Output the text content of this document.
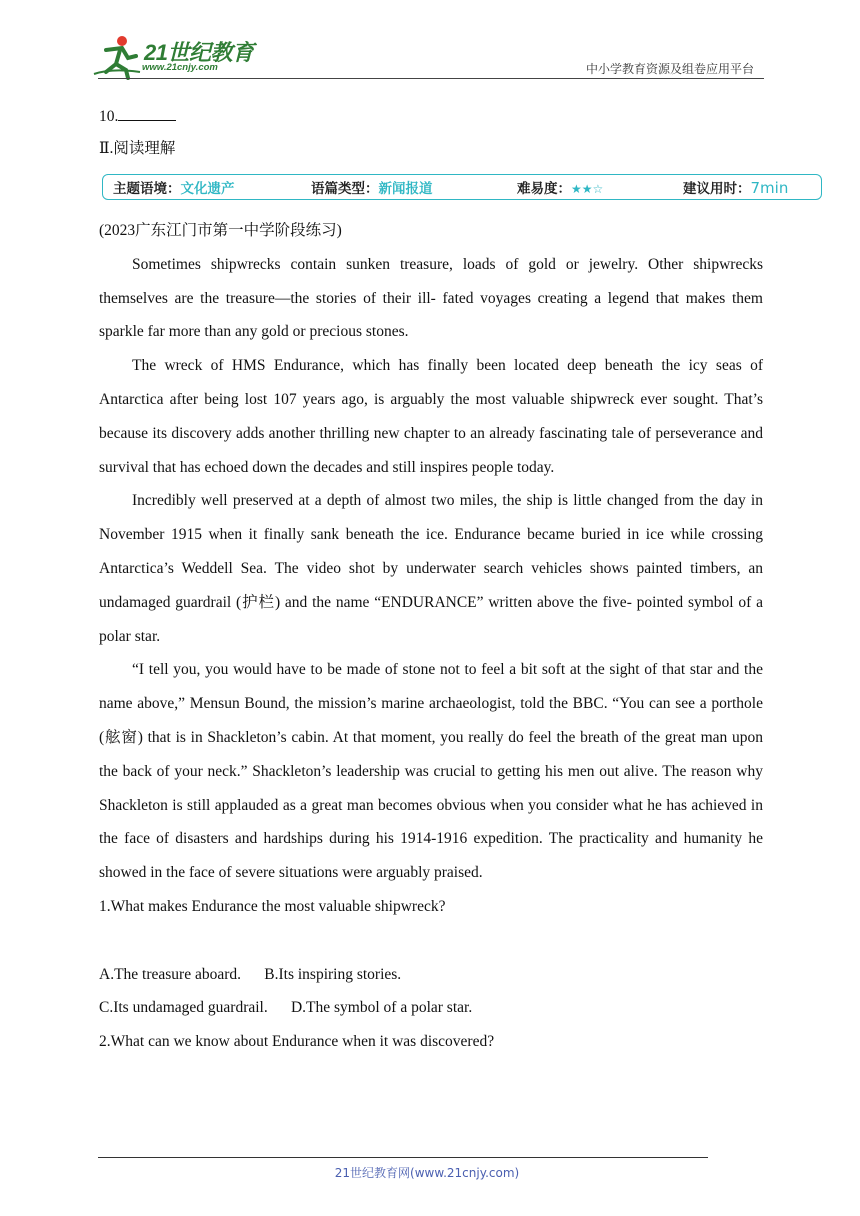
21世纪教育
www.21cnjy.com	中小学教育资源及组卷应用平台
10.
Ⅱ.阅读理解
主题语境：文化遗产	语篇类型：新闻报道	难易度：★★☆	建议用时：7min

(2023广东江门市第一中学阶段练习)

Sometimes shipwrecks contain sunken treasure, loads of gold or jewelry. Other shipwrecks themselves are the treasure—the stories of their ill‑ fated voyages creating a legend that makes them sparkle far more than any gold or precious stones.

The wreck of HMS Endurance, which has finally been located deep beneath the icy seas of Antarctica after being lost 107 years ago, is arguably the most valuable shipwreck ever sought. That’s because its discovery adds another thrilling new chapter to an already fascinating tale of perseverance and survival that has echoed down the decades and still inspires people today.

Incredibly well preserved at a depth of almost two miles, the ship is little changed from the day in November 1915 when it finally sank beneath the ice. Endurance became buried in ice while crossing Antarctica’s Weddell Sea. The video shot by underwater search vehicles shows painted timbers, an undamaged guardrail (护栏) and the name “ENDURANCE” written above the five‑ pointed symbol of a polar star.

“I tell you, you would have to be made of stone not to feel a bit soft at the sight of that star and the name above,” Mensun Bound, the mission’s marine archaeologist, told the BBC. “You can see a porthole (舷窗) that is in Shackleton’s cabin. At that moment, you really do feel the breath of the great man upon the back of your neck.” Shackleton’s leadership was crucial to getting his men out alive. The reason why Shackleton is still applauded as a great man becomes obvious when you consider what he has achieved in the face of disasters and hardships during his 1914-1916 expedition. The practicality and humanity he showed in the face of severe situations were arguably praised.

1.What makes Endurance the most valuable shipwreck?

A.The treasure aboard.      B.Its inspiring stories.

C.Its undamaged guardrail.      D.The symbol of a polar star.

2.What can we know about Endurance when it was discovered?

21世纪教育网(www.21cnjy.com)
